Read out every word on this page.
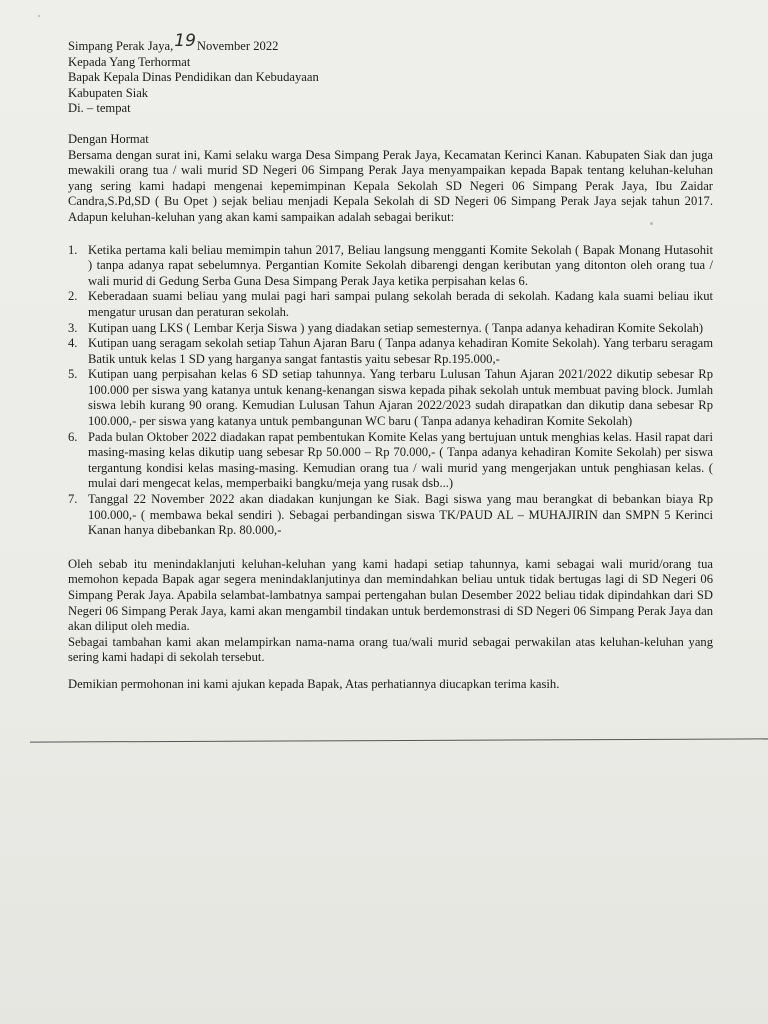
Simpang Perak Jaya,19November 2022
Kepada Yang Terhormat
Bapak Kepala Dinas Pendidikan dan Kebudayaan
Kabupaten Siak
Di. – tempat
Dengan Hormat
Bersama dengan surat ini, Kami selaku warga Desa Simpang Perak Jaya, Kecamatan Kerinci Kanan. Kabupaten Siak dan juga mewakili orang tua / wali murid SD Negeri 06 Simpang Perak Jaya menyampaikan kepada Bapak tentang keluhan-keluhan yang sering kami hadapi mengenai kepemimpinan Kepala Sekolah SD Negeri 06 Simpang Perak Jaya, Ibu Zaidar Candra,S.Pd,SD ( Bu Opet ) sejak beliau menjadi Kepala Sekolah di SD Negeri 06 Simpang Perak Jaya sejak tahun 2017. Adapun keluhan-keluhan yang akan kami sampaikan adalah sebagai berikut:
1. Ketika pertama kali beliau memimpin tahun 2017, Beliau langsung mengganti Komite Sekolah ( Bapak Monang Hutasohit ) tanpa adanya rapat sebelumnya. Pergantian Komite Sekolah dibarengi dengan keributan yang ditonton oleh orang tua / wali murid di Gedung Serba Guna Desa Simpang Perak Jaya ketika perpisahan kelas 6.
2. Keberadaan suami beliau yang mulai pagi hari sampai pulang sekolah berada di sekolah. Kadang kala suami beliau ikut mengatur urusan dan peraturan sekolah.
3. Kutipan uang LKS ( Lembar Kerja Siswa ) yang diadakan setiap semesternya. ( Tanpa adanya kehadiran Komite Sekolah)
4. Kutipan uang seragam sekolah setiap Tahun Ajaran Baru ( Tanpa adanya kehadiran Komite Sekolah). Yang terbaru seragam Batik untuk kelas 1 SD yang harganya sangat fantastis yaitu sebesar Rp.195.000,-
5. Kutipan uang perpisahan kelas 6 SD setiap tahunnya. Yang terbaru Lulusan Tahun Ajaran 2021/2022 dikutip sebesar Rp 100.000 per siswa yang katanya untuk kenang-kenangan siswa kepada pihak sekolah untuk membuat paving block. Jumlah siswa lebih kurang 90 orang. Kemudian Lulusan Tahun Ajaran 2022/2023 sudah dirapatkan dan dikutip dana sebesar Rp 100.000,- per siswa yang katanya untuk pembangunan WC baru ( Tanpa adanya kehadiran Komite Sekolah)
6. Pada bulan Oktober 2022 diadakan rapat pembentukan Komite Kelas yang bertujuan untuk menghias kelas. Hasil rapat dari masing-masing kelas dikutip uang sebesar Rp 50.000 – Rp 70.000,- ( Tanpa adanya kehadiran Komite Sekolah) per siswa tergantung kondisi kelas masing-masing. Kemudian orang tua / wali murid yang mengerjakan untuk penghiasan kelas. ( mulai dari mengecat kelas, memperbaiki bangku/meja yang rusak dsb...)
7. Tanggal 22 November 2022 akan diadakan kunjungan ke Siak. Bagi siswa yang mau berangkat di bebankan biaya Rp 100.000,- ( membawa bekal sendiri ). Sebagai perbandingan siswa TK/PAUD AL – MUHAJIRIN dan SMPN 5 Kerinci Kanan hanya dibebankan Rp. 80.000,-
Oleh sebab itu menindaklanjuti keluhan-keluhan yang kami hadapi setiap tahunnya, kami sebagai wali murid/orang tua memohon kepada Bapak agar segera menindaklanjutinya dan memindahkan beliau untuk tidak bertugas lagi di SD Negeri 06 Simpang Perak Jaya. Apabila selambat-lambatnya sampai pertengahan bulan Desember 2022 beliau tidak dipindahkan dari SD Negeri 06 Simpang Perak Jaya, kami akan mengambil tindakan untuk berdemonstrasi di SD Negeri 06 Simpang Perak Jaya dan akan diliput oleh media.
Sebagai tambahan kami akan melampirkan nama-nama orang tua/wali murid sebagai perwakilan atas keluhan-keluhan yang sering kami hadapi di sekolah tersebut.
Demikian permohonan ini kami ajukan kepada Bapak, Atas perhatiannya diucapkan terima kasih.
